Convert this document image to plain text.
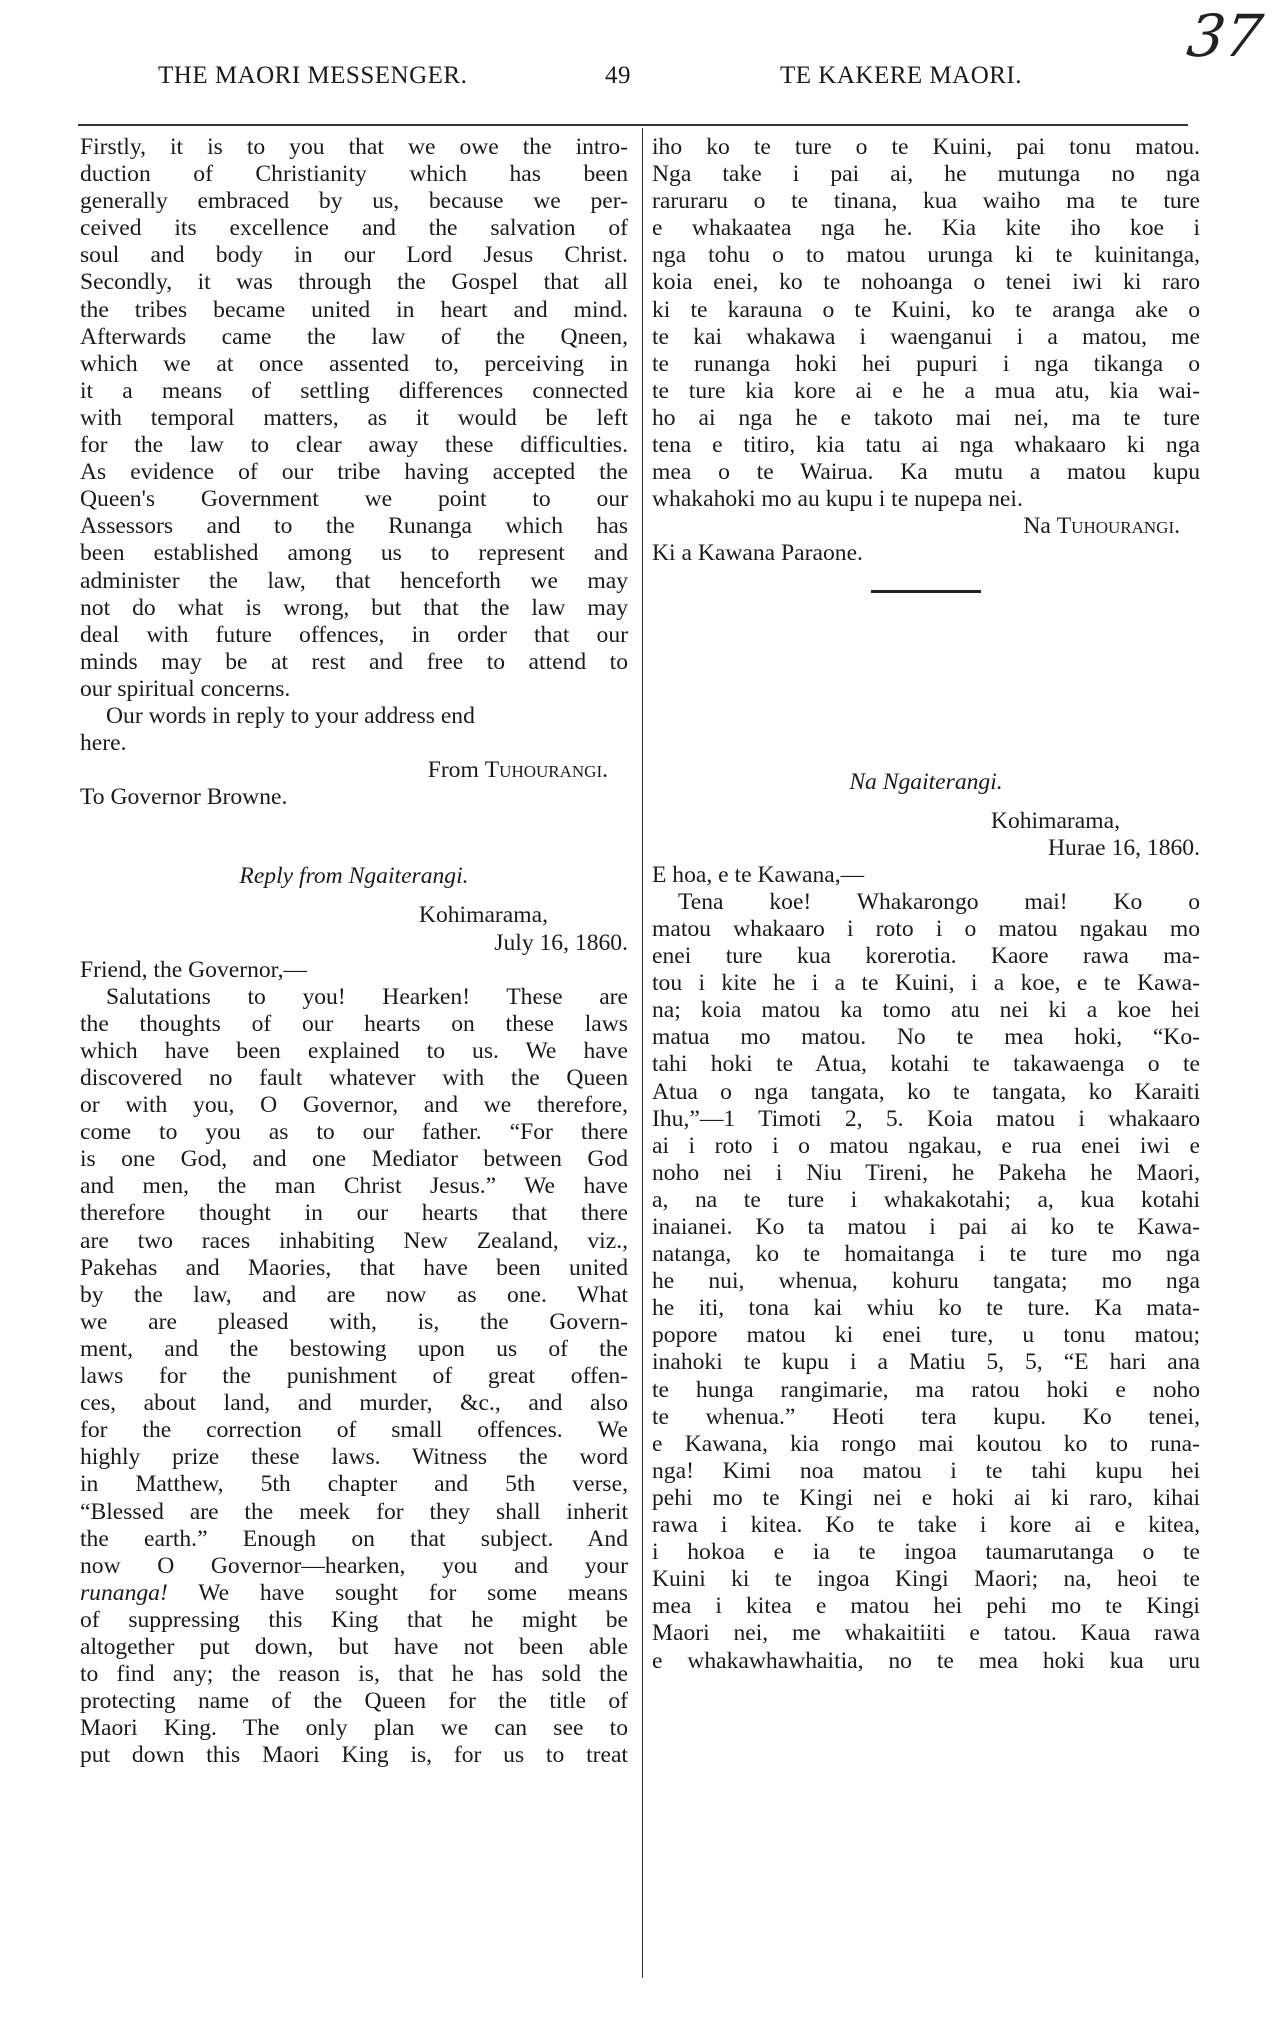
37
THE MAORI MESSENGER.	49	TE KAKERE MAORI.
Firstly, it is to you that we owe the intro-
duction of Christianity which has been
generally embraced by us, because we per-
ceived its excellence and the salvation of
soul and body in our Lord Jesus Christ.
Secondly, it was through the Gospel that all
the tribes became united in heart and mind.
Afterwards came the law of the Qneen,
which we at once assented to, perceiving in
it a means of settling differences connected
with temporal matters, as it would be left
for the law to clear away these difficulties.
As evidence of our tribe having accepted the
Queen's Government we point to our
Assessors and to the Runanga which has
been established among us to represent and
administer the law, that henceforth we may
not do what is wrong, but that the law may
deal with future offences, in order that our
minds may be at rest and free to attend to
our spiritual concerns.
Our words in reply to your address end
here.
From Tuhourangi.
To Governor Browne.
Reply from Ngaiterangi.
Kohimarama,
July 16, 1860.
Friend, the Governor,—
Salutations to you! Hearken! These are
the thoughts of our hearts on these laws
which have been explained to us. We have
discovered no fault whatever with the Queen
or with you, O Governor, and we therefore,
come to you as to our father. “For there
is one God, and one Mediator between God
and men, the man Christ Jesus.” We have
therefore thought in our hearts that there
are two races inhabiting New Zealand, viz.,
Pakehas and Maories, that have been united
by the law, and are now as one. What
we are pleased with, is, the Govern-
ment, and the bestowing upon us of the
laws for the punishment of great offen-
ces, about land, and murder, &c., and also
for the correction of small offences. We
highly prize these laws. Witness the word
in Matthew, 5th chapter and 5th verse,
“Blessed are the meek for they shall inherit
the earth.” Enough on that subject. And
now O Governor—hearken, you and your
runanga! We have sought for some means
of suppressing this King that he might be
altogether put down, but have not been able
to find any; the reason is, that he has sold the
protecting name of the Queen for the title of
Maori King. The only plan we can see to
put down this Maori King is, for us to treat
iho ko te ture o te Kuini, pai tonu matou.
Nga take i pai ai, he mutunga no nga
raruraru o te tinana, kua waiho ma te ture
e whakaatea nga he. Kia kite iho koe i
nga tohu o to matou urunga ki te kuinitanga,
koia enei, ko te nohoanga o tenei iwi ki raro
ki te karauna o te Kuini, ko te aranga ake o
te kai whakawa i waenganui i a matou, me
te runanga hoki hei pupuri i nga tikanga o
te ture kia kore ai e he a mua atu, kia wai-
ho ai nga he e takoto mai nei, ma te ture
tena e titiro, kia tatu ai nga whakaaro ki nga
mea o te Wairua. Ka mutu a matou kupu
whakahoki mo au kupu i te nupepa nei.
Na Tuhourangi.
Ki a Kawana Paraone.
Na Ngaiterangi.
Kohimarama,
Hurae 16, 1860.
E hoa, e te Kawana,—
Tena koe! Whakarongo mai! Ko o
matou whakaaro i roto i o matou ngakau mo
enei ture kua korerotia. Kaore rawa ma-
tou i kite he i a te Kuini, i a koe, e te Kawa-
na; koia matou ka tomo atu nei ki a koe hei
matua mo matou. No te mea hoki, “Ko-
tahi hoki te Atua, kotahi te takawaenga o te
Atua o nga tangata, ko te tangata, ko Karaiti
Ihu,”—1 Timoti 2, 5. Koia matou i whakaaro
ai i roto i o matou ngakau, e rua enei iwi e
noho nei i Niu Tireni, he Pakeha he Maori,
a, na te ture i whakakotahi; a, kua kotahi
inaianei. Ko ta matou i pai ai ko te Kawa-
natanga, ko te homaitanga i te ture mo nga
he nui, whenua, kohuru tangata; mo nga
he iti, tona kai whiu ko te ture. Ka mata-
popore matou ki enei ture, u tonu matou;
inahoki te kupu i a Matiu 5, 5, “E hari ana
te hunga rangimarie, ma ratou hoki e noho
te whenua.” Heoti tera kupu. Ko tenei,
e Kawana, kia rongo mai koutou ko to runa-
nga! Kimi noa matou i te tahi kupu hei
pehi mo te Kingi nei e hoki ai ki raro, kihai
rawa i kitea. Ko te take i kore ai e kitea,
i hokoa e ia te ingoa taumarutanga o te
Kuini ki te ingoa Kingi Maori; na, heoi te
mea i kitea e matou hei pehi mo te Kingi
Maori nei, me whakaitiiti e tatou. Kaua rawa
e whakawhawhaitia, no te mea hoki kua uru
